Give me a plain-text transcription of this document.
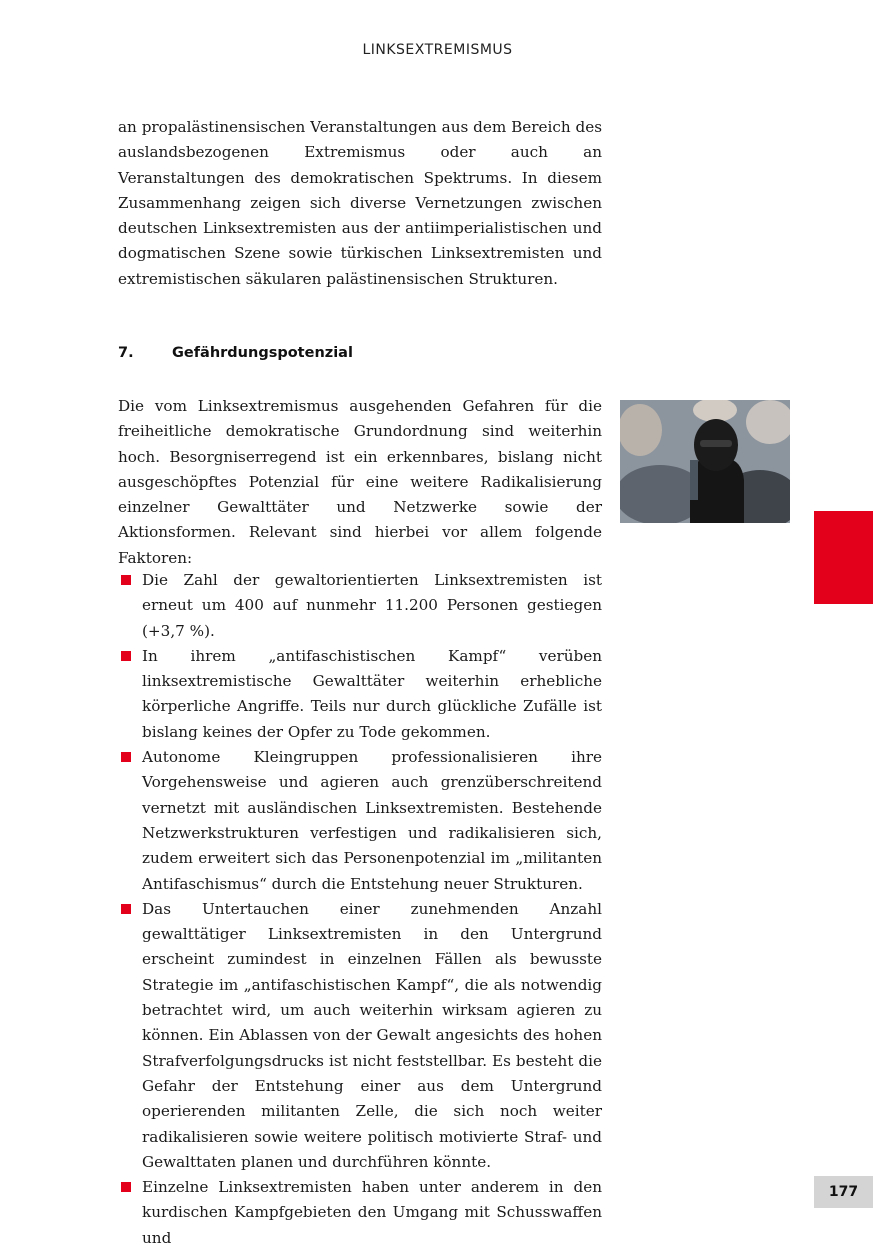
LINKSEXTREMISMUS

an propalästinensischen Veranstaltungen aus dem Bereich des auslandsbezogenen Extremismus oder auch an Veranstaltungen des demokratischen Spektrums. In diesem Zusammenhang zeigen sich diverse Vernetzungen zwischen deutschen Linksextremisten aus der antiimperialistischen und dogmatischen Szene sowie türkischen Linksextremisten und extremistischen säkularen palästinensischen Strukturen.

7.	Gefährdungspotenzial

Die vom Linksextremismus ausgehenden Gefahren für die freiheitliche demokratische Grundordnung sind weiterhin hoch. Besorgniserregend ist ein erkennbares, bislang nicht ausgeschöpftes Potenzial für eine weitere Radikalisierung einzelner Gewalttäter und Netzwerke sowie der Aktionsformen. Relevant sind hierbei vor allem folgende Faktoren:

Die Zahl der gewaltorientierten Linksextremisten ist erneut um 400 auf nunmehr 11.200 Personen gestiegen (+3,7 %).
In ihrem „antifaschistischen Kampf“ verüben linksextremistische Gewalttäter weiterhin erhebliche körperliche Angriffe. Teils nur durch glückliche Zufälle ist bislang keines der Opfer zu Tode gekommen.
Autonome Kleingruppen professionalisieren ihre Vorgehensweise und agieren auch grenzüberschreitend vernetzt mit ausländischen Linksextremisten. Bestehende Netzwerkstrukturen verfestigen und radikalisieren sich, zudem erweitert sich das Personenpotenzial im „militanten Antifaschismus“ durch die Entstehung neuer Strukturen.
Das Untertauchen einer zunehmenden Anzahl gewalttätiger Linksextremisten in den Untergrund erscheint zumindest in einzelnen Fällen als bewusste Strategie im „antifaschistischen Kampf“, die als notwendig betrachtet wird, um auch weiterhin wirksam agieren zu können. Ein Ablassen von der Gewalt angesichts des hohen Strafverfolgungsdrucks ist nicht feststellbar. Es besteht die Gefahr der Entstehung einer aus dem Untergrund operierenden militanten Zelle, die sich noch weiter radikalisieren sowie weitere politisch motivierte Straf- und Gewalttaten planen und durchführen könnte.
Einzelne Linksextremisten haben unter anderem in den kurdischen Kampfgebieten den Umgang mit Schusswaffen und
177
